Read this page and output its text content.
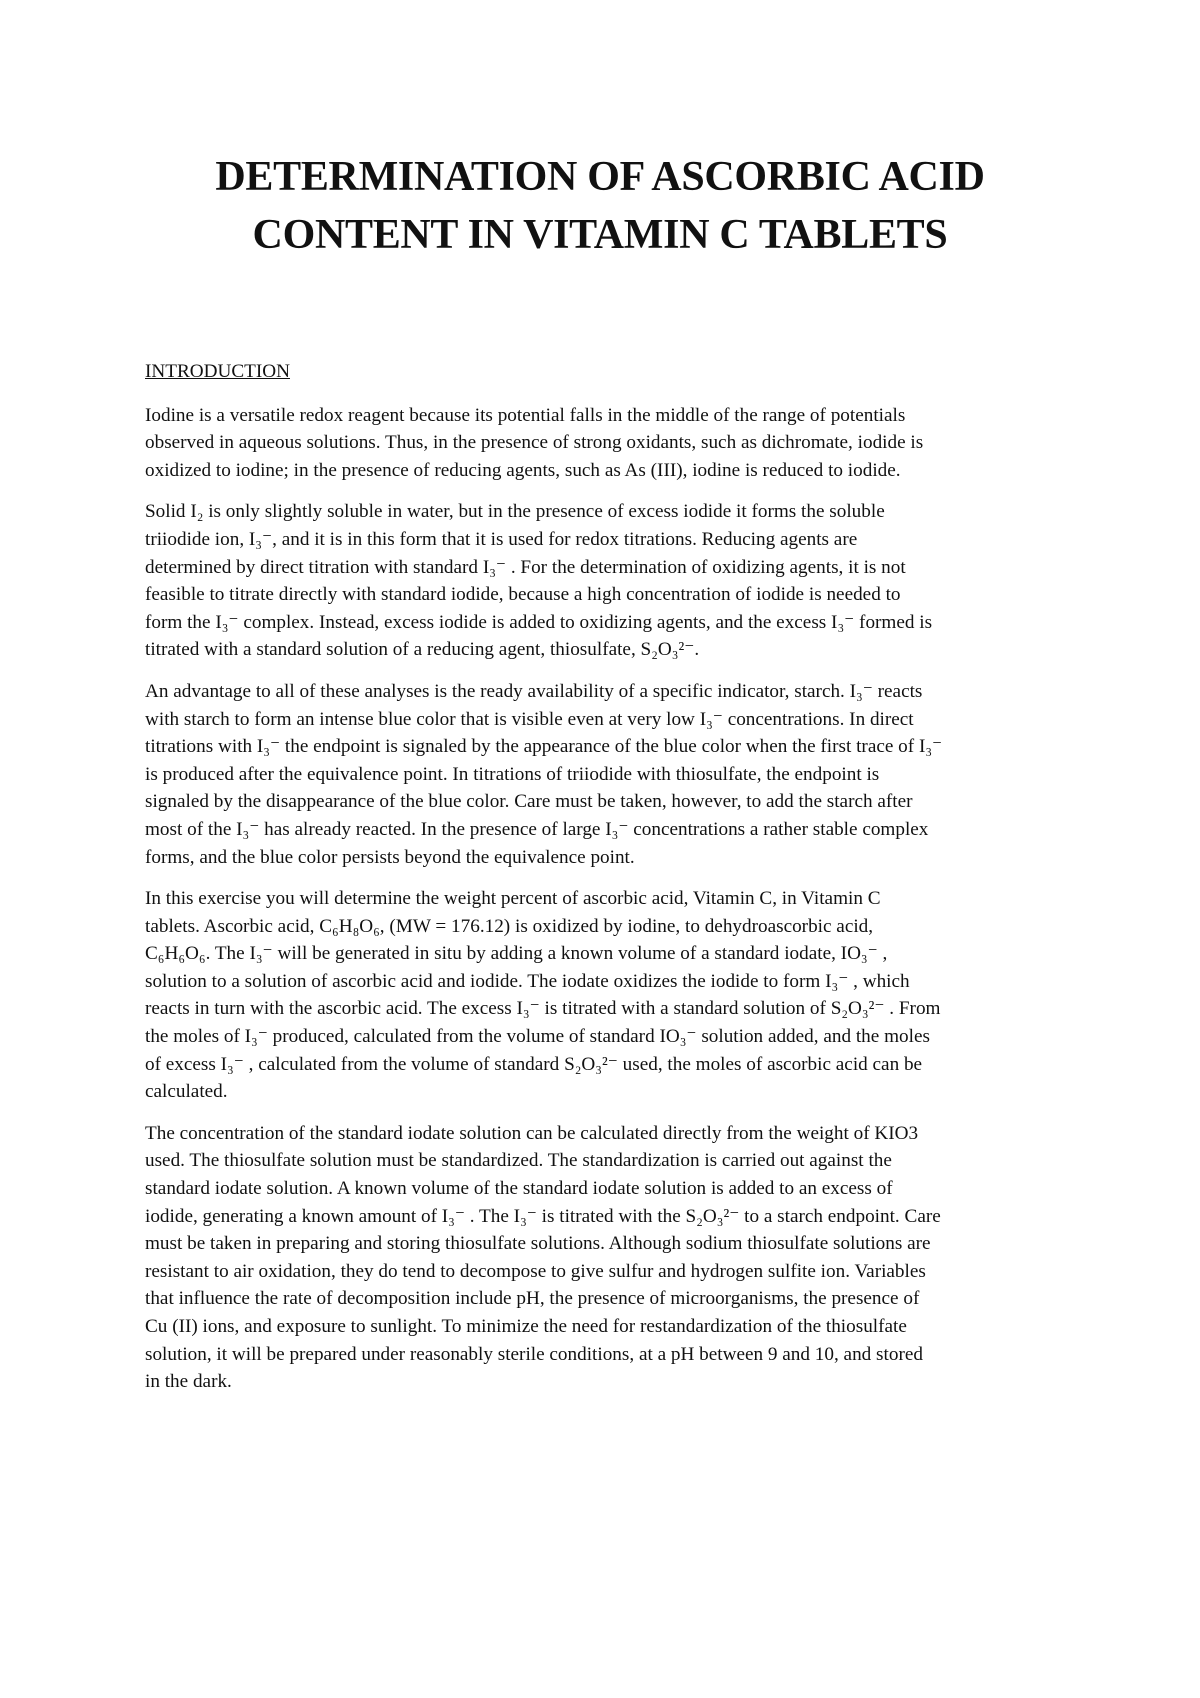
DETERMINATION OF ASCORBIC ACID
CONTENT IN VITAMIN C TABLETS
INTRODUCTION
Iodine is a versatile redox reagent because its potential falls in the middle of the range of potentials
observed in aqueous solutions. Thus, in the presence of strong oxidants, such as dichromate, iodide is
oxidized to iodine; in the presence of reducing agents, such as As (III), iodine is reduced to iodide.
Solid I₂ is only slightly soluble in water, but in the presence of excess iodide it forms the soluble
triiodide ion, I₃⁻, and it is in this form that it is used for redox titrations. Reducing agents are
determined by direct titration with standard I₃⁻ . For the determination of oxidizing agents, it is not
feasible to titrate directly with standard iodide, because a high concentration of iodide is needed to
form the I₃⁻ complex. Instead, excess iodide is added to oxidizing agents, and the excess I₃⁻ formed is
titrated with a standard solution of a reducing agent, thiosulfate, S₂O₃²⁻.
An advantage to all of these analyses is the ready availability of a specific indicator, starch. I₃⁻ reacts
with starch to form an intense blue color that is visible even at very low I₃⁻ concentrations. In direct
titrations with I₃⁻ the endpoint is signaled by the appearance of the blue color when the first trace of I₃⁻
is produced after the equivalence point. In titrations of triiodide with thiosulfate, the endpoint is
signaled by the disappearance of the blue color. Care must be taken, however, to add the starch after
most of the I₃⁻ has already reacted. In the presence of large I₃⁻ concentrations a rather stable complex
forms, and the blue color persists beyond the equivalence point.
In this exercise you will determine the weight percent of ascorbic acid, Vitamin C, in Vitamin C
tablets. Ascorbic acid, C₆H₈O₆, (MW = 176.12) is oxidized by iodine, to dehydroascorbic acid,
C₆H₆O₆. The I₃⁻ will be generated in situ by adding a known volume of a standard iodate, IO₃⁻ ,
solution to a solution of ascorbic acid and iodide. The iodate oxidizes the iodide to form I₃⁻ , which
reacts in turn with the ascorbic acid. The excess I₃⁻ is titrated with a standard solution of S₂O₃²⁻ . From
the moles of I₃⁻ produced, calculated from the volume of standard IO₃⁻ solution added, and the moles
of excess I₃⁻ , calculated from the volume of standard S₂O₃²⁻ used, the moles of ascorbic acid can be
calculated.
The concentration of the standard iodate solution can be calculated directly from the weight of KIO3
used. The thiosulfate solution must be standardized. The standardization is carried out against the
standard iodate solution. A known volume of the standard iodate solution is added to an excess of
iodide, generating a known amount of I₃⁻ . The I₃⁻ is titrated with the S₂O₃²⁻ to a starch endpoint. Care
must be taken in preparing and storing thiosulfate solutions. Although sodium thiosulfate solutions are
resistant to air oxidation, they do tend to decompose to give sulfur and hydrogen sulfite ion. Variables
that influence the rate of decomposition include pH, the presence of microorganisms, the presence of
Cu (II) ions, and exposure to sunlight. To minimize the need for restandardization of the thiosulfate
solution, it will be prepared under reasonably sterile conditions, at a pH between 9 and 10, and stored
in the dark.
